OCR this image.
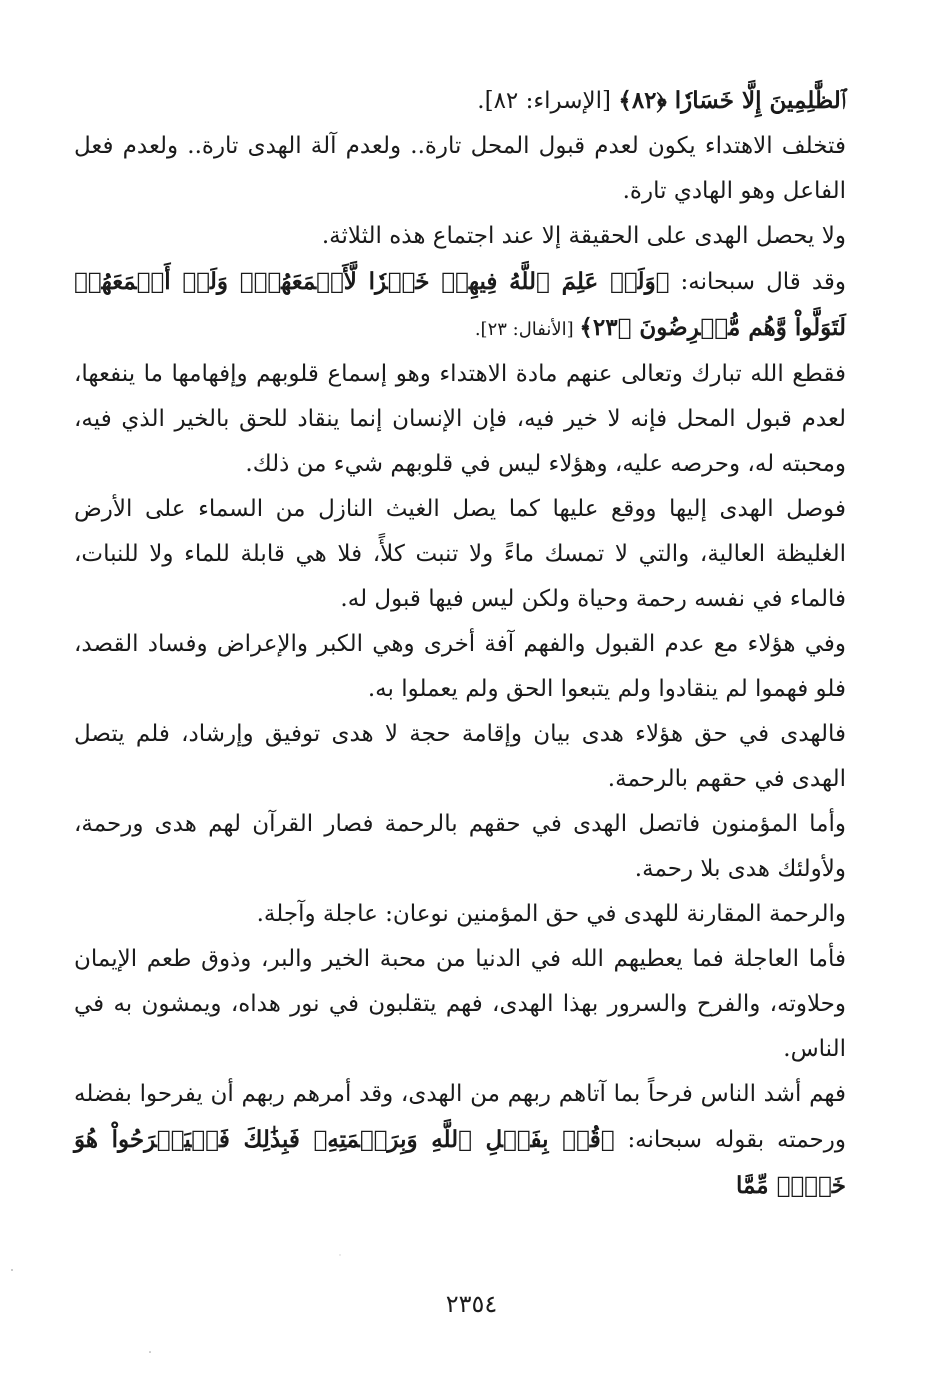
ﭐلظَّٰلِمِينَ إِلَّا خَسَارٗا ﴿٨٢﴾ [الإسراء: ٨٢].

فتخلف الاهتداء يكون لعدم قبول المحل تارة.. ولعدم آلة الهدى تارة.. ولعدم فعل الفاعل وهو الهادي تارة.

ولا يحصل الهدى على الحقيقة إلا عند اجتماع هذه الثلاثة.

وقد قال سبحانه: ﴿وَلَوۡ عَلِمَ ٱللَّهُ فِيهِمۡ خَيۡرٗا لَّأَسۡمَعَهُمۡۖ وَلَوۡ أَسۡمَعَهُمۡ لَتَوَلَّواْ وَّهُم مُّعۡرِضُونَ ﴿٢٣﴾ [الأنفال: ٢٣].

فقطع الله تبارك وتعالى عنهم مادة الاهتداء وهو إسماع قلوبهم وإفهامها ما ينفعها، لعدم قبول المحل فإنه لا خير فيه، فإن الإنسان إنما ينقاد للحق بالخير الذي فيه، ومحبته له، وحرصه عليه، وهؤلاء ليس في قلوبهم شيء من ذلك.

فوصل الهدى إليها ووقع عليها كما يصل الغيث النازل من السماء على الأرض الغليظة العالية، والتي لا تمسك ماءً ولا تنبت كلأً، فلا هي قابلة للماء ولا للنبات، فالماء في نفسه رحمة وحياة ولكن ليس فيها قبول له.

وفي هؤلاء مع عدم القبول والفهم آفة أخرى وهي الكبر والإعراض وفساد القصد، فلو فهموا لم ينقادوا ولم يتبعوا الحق ولم يعملوا به.

فالهدى في حق هؤلاء هدى بيان وإقامة حجة لا هدى توفيق وإرشاد، فلم يتصل الهدى في حقهم بالرحمة.

وأما المؤمنون فاتصل الهدى في حقهم بالرحمة فصار القرآن لهم هدى ورحمة، ولأولئك هدى بلا رحمة.

والرحمة المقارنة للهدى في حق المؤمنين نوعان: عاجلة وآجلة.

فأما العاجلة فما يعطيهم الله في الدنيا من محبة الخير والبر، وذوق طعم الإيمان وحلاوته، والفرح والسرور بهذا الهدى، فهم يتقلبون في نور هداه، ويمشون به في الناس.

فهم أشد الناس فرحاً بما آتاهم ربهم من الهدى، وقد أمرهم ربهم أن يفرحوا بفضله ورحمته بقوله سبحانه: ﴿قُلۡ بِفَضۡلِ ٱللَّهِ وَبِرَحۡمَتِهِۦ فَبِذَٰلِكَ فَلۡيَفۡرَحُواْ هُوَ خَيۡرٞ مِّمَّا

٢٣٥٤
